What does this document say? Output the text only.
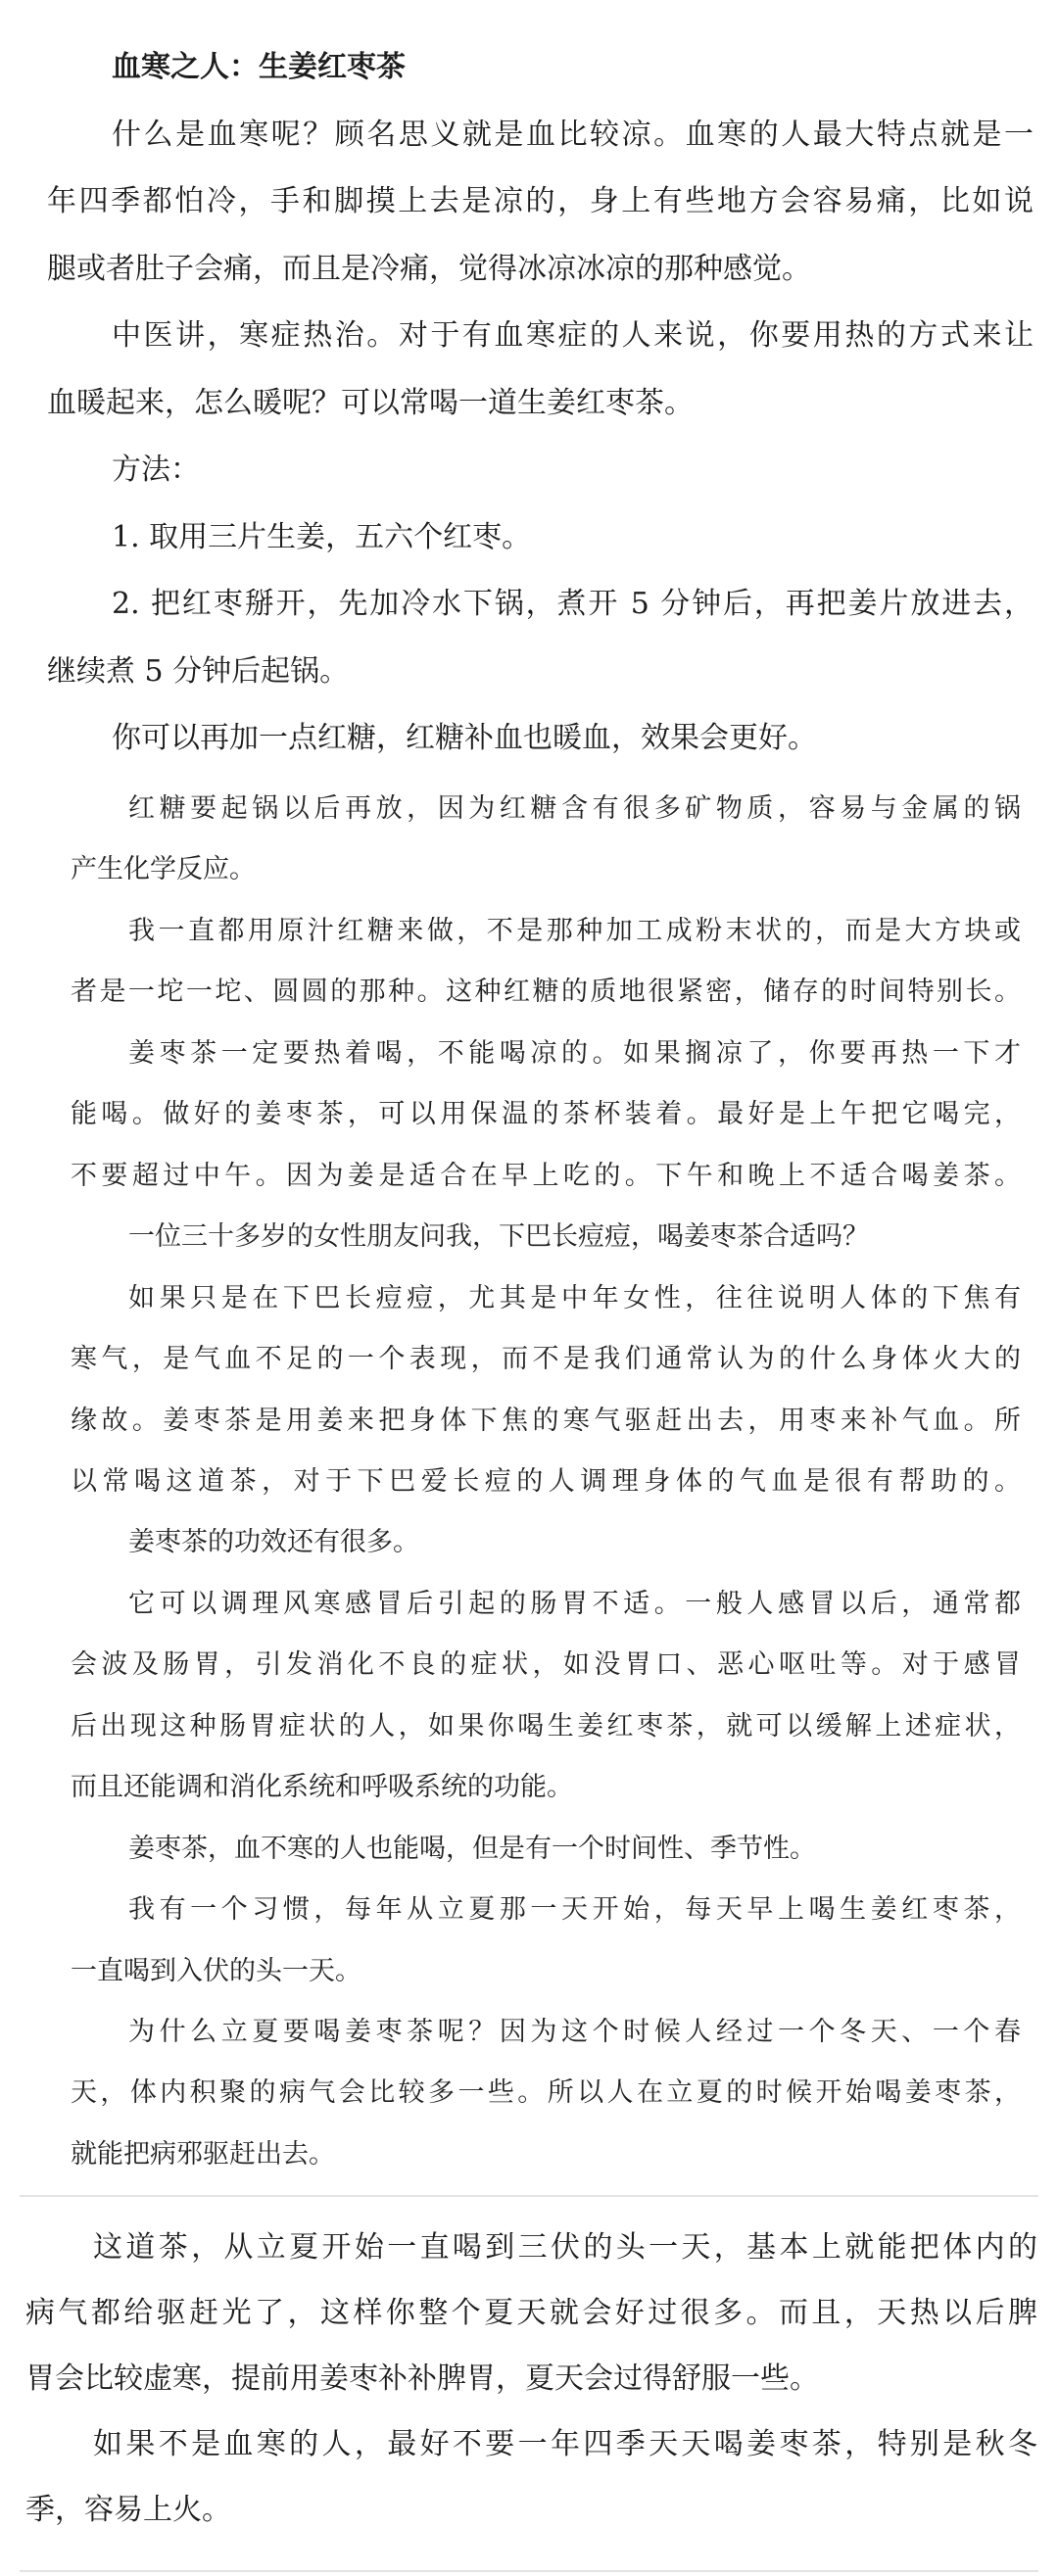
血寒之人：生姜红枣茶
什么是血寒呢？顾名思义就是血比较凉。血寒的人最大特点就是一
年四季都怕冷，手和脚摸上去是凉的，身上有些地方会容易痛，比如说
腿或者肚子会痛，而且是冷痛，觉得冰凉冰凉的那种感觉。
中医讲，寒症热治。对于有血寒症的人来说，你要用热的方式来让
血暖起来，怎么暖呢？可以常喝一道生姜红枣茶。
方法：
1. 取用三片生姜，五六个红枣。
2. 把红枣掰开，先加冷水下锅，煮开 5 分钟后，再把姜片放进去，
继续煮 5 分钟后起锅。
你可以再加一点红糖，红糖补血也暖血，效果会更好。
红糖要起锅以后再放，因为红糖含有很多矿物质，容易与金属的锅
产生化学反应。
我一直都用原汁红糖来做，不是那种加工成粉末状的，而是大方块或
者是一坨一坨、圆圆的那种。这种红糖的质地很紧密，储存的时间特别长。
姜枣茶一定要热着喝，不能喝凉的。如果搁凉了，你要再热一下才
能喝。做好的姜枣茶，可以用保温的茶杯装着。最好是上午把它喝完，
不要超过中午。因为姜是适合在早上吃的。下午和晚上不适合喝姜茶。
一位三十多岁的女性朋友问我，下巴长痘痘，喝姜枣茶合适吗？
如果只是在下巴长痘痘，尤其是中年女性，往往说明人体的下焦有
寒气，是气血不足的一个表现，而不是我们通常认为的什么身体火大的
缘故。姜枣茶是用姜来把身体下焦的寒气驱赶出去，用枣来补气血。所
以常喝这道茶，对于下巴爱长痘的人调理身体的气血是很有帮助的。
姜枣茶的功效还有很多。
它可以调理风寒感冒后引起的肠胃不适。一般人感冒以后，通常都
会波及肠胃，引发消化不良的症状，如没胃口、恶心呕吐等。对于感冒
后出现这种肠胃症状的人，如果你喝生姜红枣茶，就可以缓解上述症状，
而且还能调和消化系统和呼吸系统的功能。
姜枣茶，血不寒的人也能喝，但是有一个时间性、季节性。
我有一个习惯，每年从立夏那一天开始，每天早上喝生姜红枣茶，
一直喝到入伏的头一天。
为什么立夏要喝姜枣茶呢？因为这个时候人经过一个冬天、一个春
天，体内积聚的病气会比较多一些。所以人在立夏的时候开始喝姜枣茶，
就能把病邪驱赶出去。
这道茶，从立夏开始一直喝到三伏的头一天，基本上就能把体内的
病气都给驱赶光了，这样你整个夏天就会好过很多。而且，天热以后脾
胃会比较虚寒，提前用姜枣补补脾胃，夏天会过得舒服一些。
如果不是血寒的人，最好不要一年四季天天喝姜枣茶，特别是秋冬
季，容易上火。
